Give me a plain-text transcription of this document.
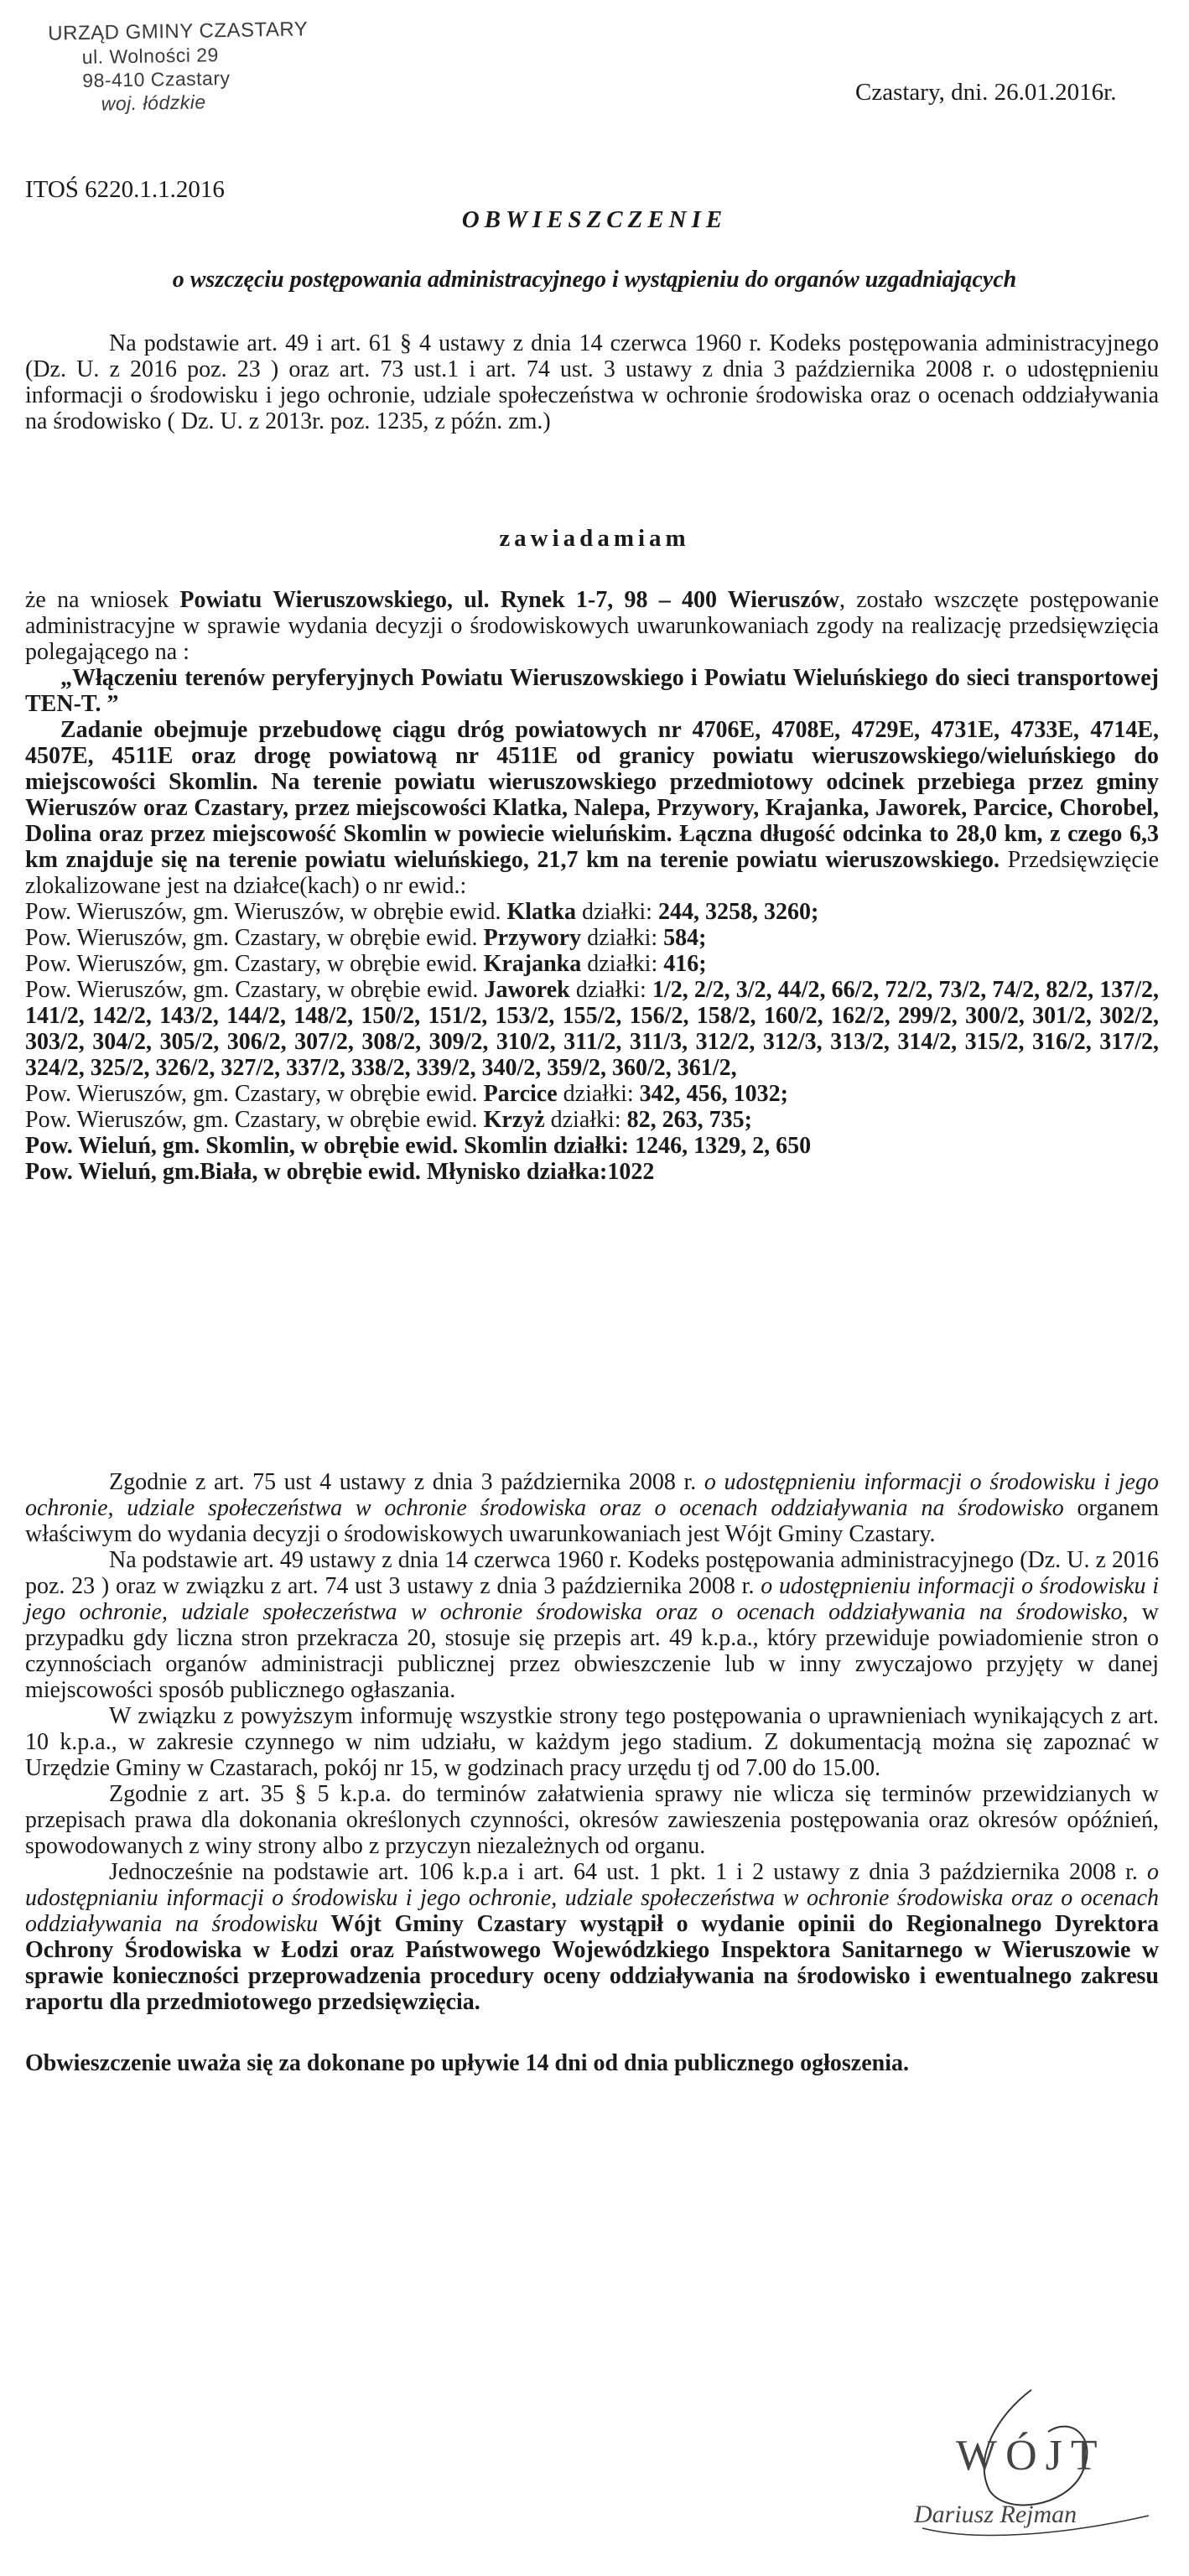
URZĄD GMINY CZASTARY
ul. Wolności 29
98-410 Czastary
woj. łódzkie	Czastary, dni. 26.01.2016r.
ITOŚ 6220.1.1.2016
OBWIESZCZENIE
o wszczęciu postępowania administracyjnego i wystąpieniu do organów uzgadniających

Na podstawie art. 49 i art. 61 § 4 ustawy z dnia 14 czerwca 1960 r. Kodeks postępowania administracyjnego (Dz. U. z 2016 poz. 23 ) oraz art. 73 ust.1 i art. 74 ust. 3 ustawy z dnia 3 października 2008 r. o udostępnieniu informacji o środowisku i jego ochronie, udziale społeczeństwa w ochronie środowiska oraz o ocenach oddziaływania na środowisko ( Dz. U. z 2013r. poz. 1235, z późn. zm.)

zawiadamiam

że na wniosek Powiatu Wieruszowskiego, ul. Rynek 1-7, 98 – 400 Wieruszów, zostało wszczęte postępowanie administracyjne w sprawie wydania decyzji o środowiskowych uwarunkowaniach zgody na realizację przedsięwzięcia polegającego na :

„Włączeniu terenów peryferyjnych Powiatu Wieruszowskiego i Powiatu Wieluńskiego do sieci transportowej TEN-T. ”

Zadanie obejmuje przebudowę ciągu dróg powiatowych nr 4706E, 4708E, 4729E, 4731E, 4733E, 4714E, 4507E, 4511E oraz drogę powiatową nr 4511E od granicy powiatu wieruszowskiego/wieluńskiego do miejscowości Skomlin. Na terenie powiatu wieruszowskiego przedmiotowy odcinek przebiega przez gminy Wieruszów oraz Czastary, przez miejscowości Klatka, Nalepa, Przywory, Krajanka, Jaworek, Parcice, Chorobel, Dolina oraz przez miejscowość Skomlin w powiecie wieluńskim. Łączna długość odcinka to 28,0 km, z czego 6,3 km znajduje się na terenie powiatu wieluńskiego, 21,7 km na terenie powiatu wieruszowskiego. Przedsięwzięcie zlokalizowane jest na działce(kach) o nr ewid.:

Pow. Wieruszów, gm. Wieruszów, w obrębie ewid. Klatka działki: 244, 3258, 3260;

Pow. Wieruszów, gm. Czastary, w obrębie ewid. Przywory działki: 584;

Pow. Wieruszów, gm. Czastary, w obrębie ewid. Krajanka działki: 416;

Pow. Wieruszów, gm. Czastary, w obrębie ewid. Jaworek działki: 1/2, 2/2, 3/2, 44/2, 66/2, 72/2, 73/2, 74/2, 82/2, 137/2, 141/2, 142/2, 143/2, 144/2, 148/2, 150/2, 151/2, 153/2, 155/2, 156/2, 158/2, 160/2, 162/2, 299/2, 300/2, 301/2, 302/2, 303/2, 304/2, 305/2, 306/2, 307/2, 308/2, 309/2, 310/2, 311/2, 311/3, 312/2, 312/3, 313/2, 314/2, 315/2, 316/2, 317/2, 324/2, 325/2, 326/2, 327/2, 337/2, 338/2, 339/2, 340/2, 359/2, 360/2, 361/2,

Pow. Wieruszów, gm. Czastary, w obrębie ewid. Parcice działki: 342, 456, 1032;

Pow. Wieruszów, gm. Czastary, w obrębie ewid. Krzyż działki: 82, 263, 735;

Pow. Wieluń, gm. Skomlin, w obrębie ewid. Skomlin działki: 1246, 1329, 2, 650

Pow. Wieluń, gm.Biała, w obrębie ewid. Młynisko działka:1022

Zgodnie z art. 75 ust 4 ustawy z dnia 3 października 2008 r. o udostępnieniu informacji o środowisku i jego ochronie, udziale społeczeństwa w ochronie środowiska oraz o ocenach oddziaływania na środowisko organem właściwym do wydania decyzji o środowiskowych uwarunkowaniach jest Wójt Gminy Czastary.

Na podstawie art. 49 ustawy z dnia 14 czerwca 1960 r. Kodeks postępowania administracyjnego (Dz. U. z 2016 poz. 23 ) oraz w związku z art. 74 ust 3 ustawy z dnia 3 października 2008 r. o udostępnieniu informacji o środowisku i jego ochronie, udziale społeczeństwa w ochronie środowiska oraz o ocenach oddziaływania na środowisko, w przypadku gdy liczna stron przekracza 20, stosuje się przepis art. 49 k.p.a., który przewiduje powiadomienie stron o czynnościach organów administracji publicznej przez obwieszczenie lub w inny zwyczajowo przyjęty w danej miejscowości sposób publicznego ogłaszania.

W związku z powyższym informuję wszystkie strony tego postępowania o uprawnieniach wynikających z art. 10 k.p.a., w zakresie czynnego w nim udziału, w każdym jego stadium. Z dokumentacją można się zapoznać w Urzędzie Gminy w Czastarach, pokój nr 15, w godzinach pracy urzędu tj od 7.00 do 15.00.

Zgodnie z art. 35 § 5 k.p.a. do terminów załatwienia sprawy nie wlicza się terminów przewidzianych w przepisach prawa dla dokonania określonych czynności, okresów zawieszenia postępowania oraz okresów opóźnień, spowodowanych z winy strony albo z przyczyn niezależnych od organu.

Jednocześnie na podstawie art. 106 k.p.a i art. 64 ust. 1 pkt. 1 i 2 ustawy z dnia 3 października 2008 r. o udostępnianiu informacji o środowisku i jego ochronie, udziale społeczeństwa w ochronie środowiska oraz o ocenach oddziaływania na środowisku Wójt Gminy Czastary wystąpił o wydanie opinii do Regionalnego Dyrektora Ochrony Środowiska w Łodzi oraz Państwowego Wojewódzkiego Inspektora Sanitarnego w Wieruszowie w sprawie konieczności przeprowadzenia procedury oceny oddziaływania na środowisko i ewentualnego zakresu raportu dla przedmiotowego przedsięwzięcia.

Obwieszczenie uważa się za dokonane po upływie 14 dni od dnia publicznego ogłoszenia.

WÓJT
Dariusz Rejman
